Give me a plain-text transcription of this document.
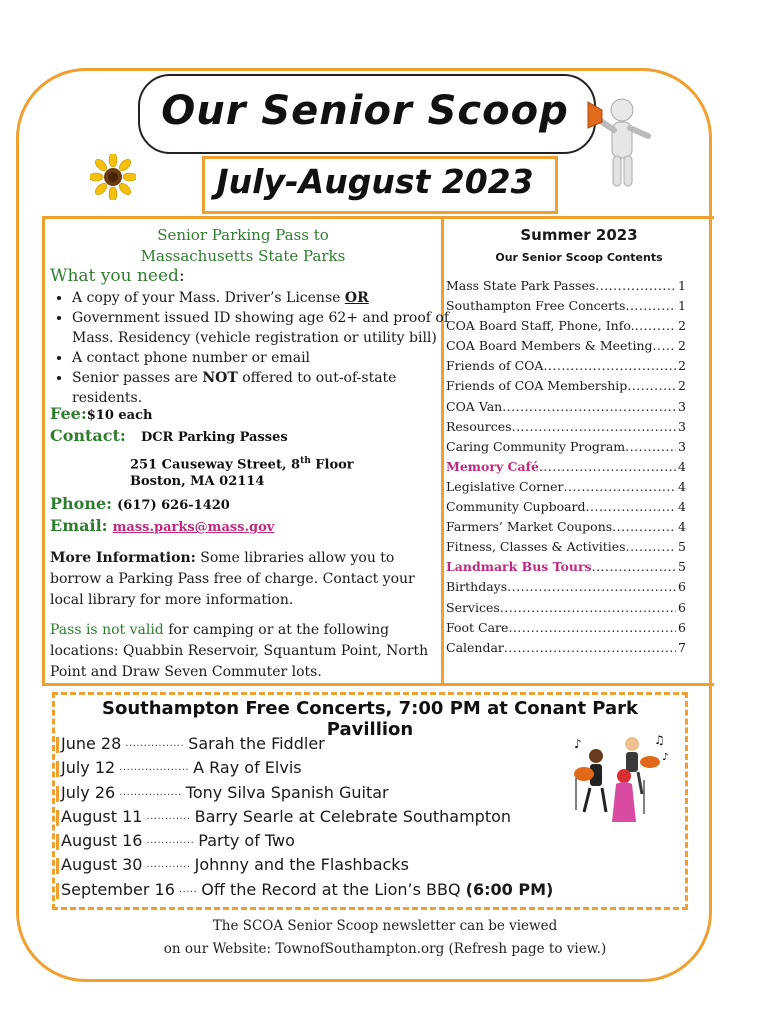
Our Senior Scoop
July-August 2023
Senior Parking Pass to
Massachusetts State Parks
What you need:
• A copy of your Mass. Driver’s License OR
• Government issued ID showing age 62+ and proof of Mass. Residency (vehicle registration or utility bill)
• A contact phone number or email
• Senior passes are NOT offered to out-of-state residents.
Fee:$10 each
Contact: DCR Parking Passes
251 Causeway Street, 8th Floor
Boston, MA 02114
Phone: (617) 626-1420
Email: mass.parks@mass.gov
More Information: Some libraries allow you to borrow a Parking Pass free of charge. Contact your local library for more information.
Pass is not valid for camping or at the following locations: Quabbin Reservoir, Squantum Point, North Point and Draw Seven Commuter lots.
Summer 2023
Our Senior Scoop Contents
Mass State Park Passes .....	1
Southampton Free Concerts .....	1
COA Board Staff, Phone, Info. .....	2
COA Board Members & Meeting ..... 2
Friends of COA .....	2
Friends of COA Membership .....	2
COA Van .....	3
Resources .....	3
Caring Community Program .....	3
Memory Café .....	4
Legislative Corner .....	4
Community Cupboard .....	4
Farmers’ Market Coupons .....	4
Fitness, Classes & Activities .....	5
Landmark Bus Tours .....	5
Birthdays .....	6
Services .....	6
Foot Care .....	6
Calendar .....	7
Southampton Free Concerts, 7:00 PM at Conant Park Pavillion
June 28 ................ Sarah the Fiddler
July 12 ................... A Ray of Elvis
July 26 ................. Tony Silva Spanish Guitar
August 11 ............ Barry Searle at Celebrate Southampton
August 16 ............. Party of Two
August 30 ............ Johnny and the Flashbacks
September 16 ..... Off the Record at the Lion’s BBQ (6:00 PM)
♪	♫
♪
The SCOA Senior Scoop newsletter can be viewed
on our Website: TownofSouthampton.org (Refresh page to view.)
